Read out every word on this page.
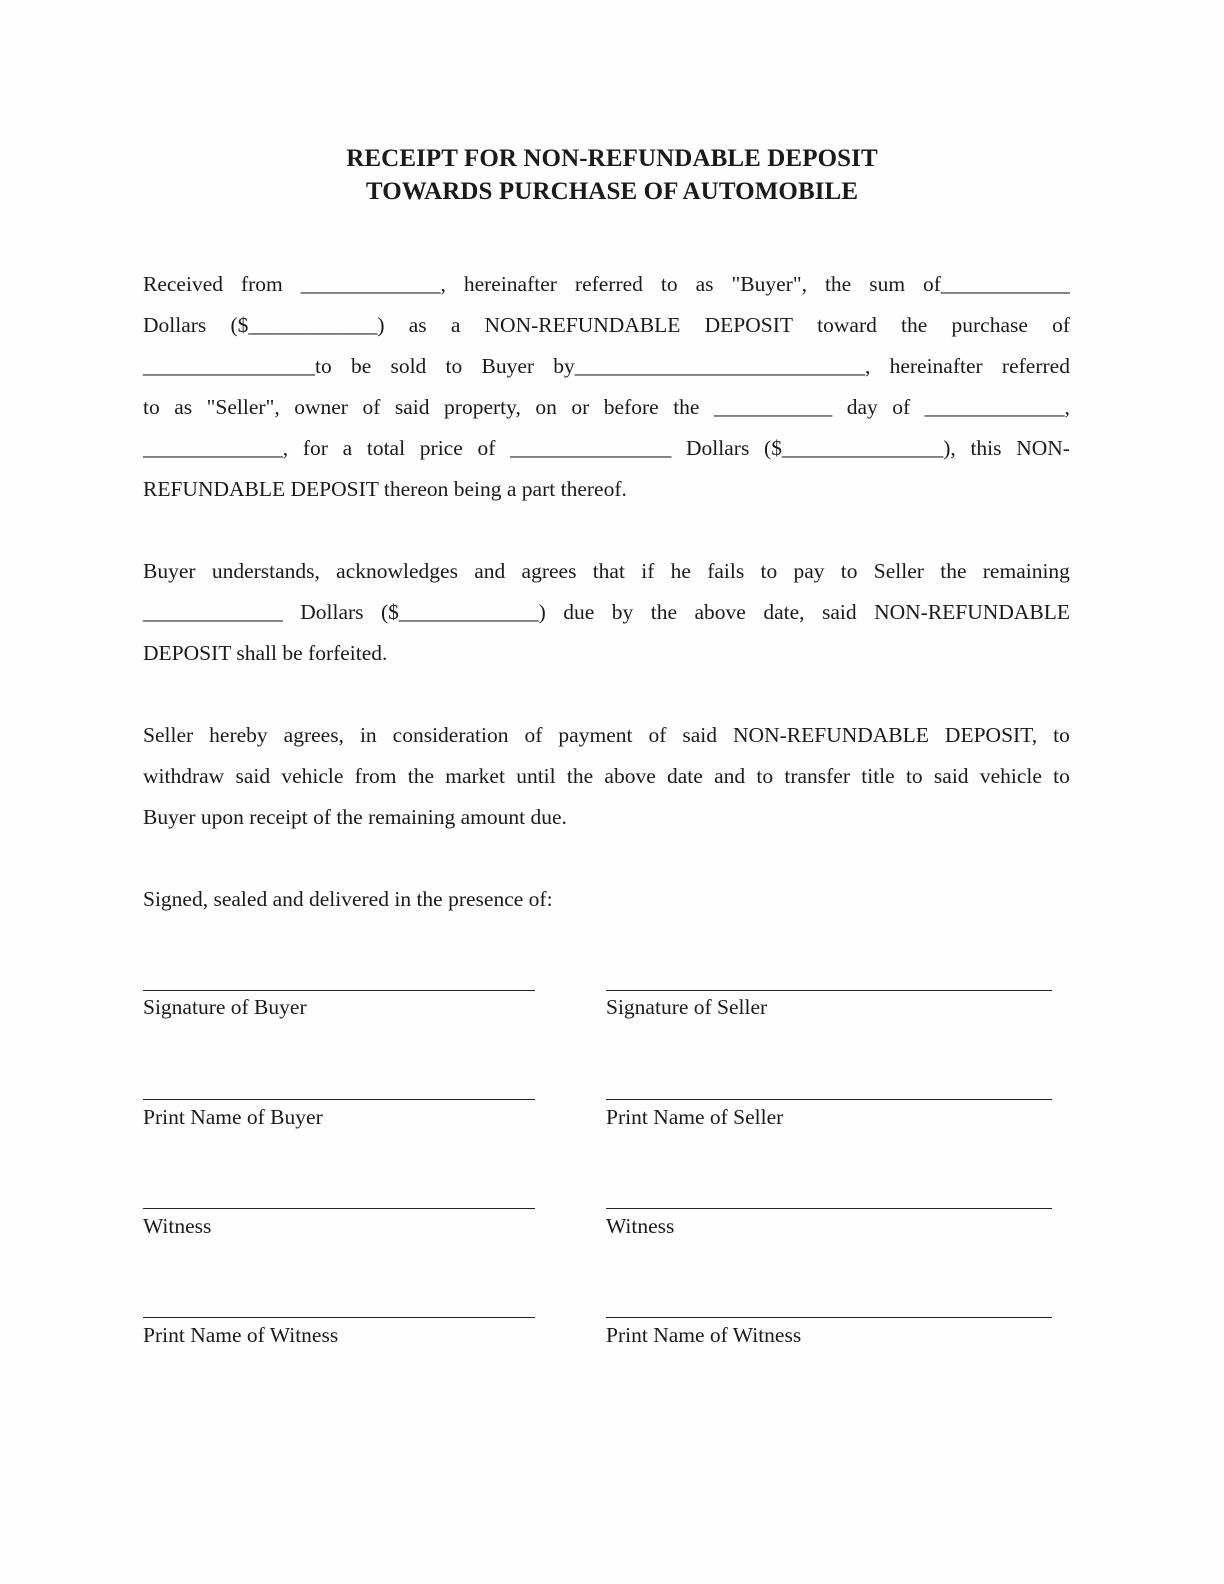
RECEIPT FOR NON-REFUNDABLE DEPOSIT
TOWARDS PURCHASE OF AUTOMOBILE
Received from _____________, hereinafter referred to as "Buyer", the sum of____________
Dollars ($____________) as a NON-REFUNDABLE DEPOSIT toward the purchase of
________________to be sold to Buyer by___________________________, hereinafter referred
to as "Seller", owner of said property, on or before the ___________ day of _____________,
_____________, for a total price of _______________ Dollars ($_______________), this NON-
REFUNDABLE DEPOSIT thereon being a part thereof.
Buyer understands, acknowledges and agrees that if he fails to pay to Seller the remaining
_____________ Dollars ($_____________) due by the above date, said NON-REFUNDABLE
DEPOSIT shall be forfeited.
Seller hereby agrees, in consideration of payment of said NON-REFUNDABLE DEPOSIT, to
withdraw said vehicle from the market until the above date and to transfer title to said vehicle to
Buyer upon receipt of the remaining amount due.
Signed, sealed and delivered in the presence of:
Signature of Buyer	Signature of Seller
Print Name of Buyer	Print Name of Seller
Witness	Witness
Print Name of Witness	Print Name of Witness
